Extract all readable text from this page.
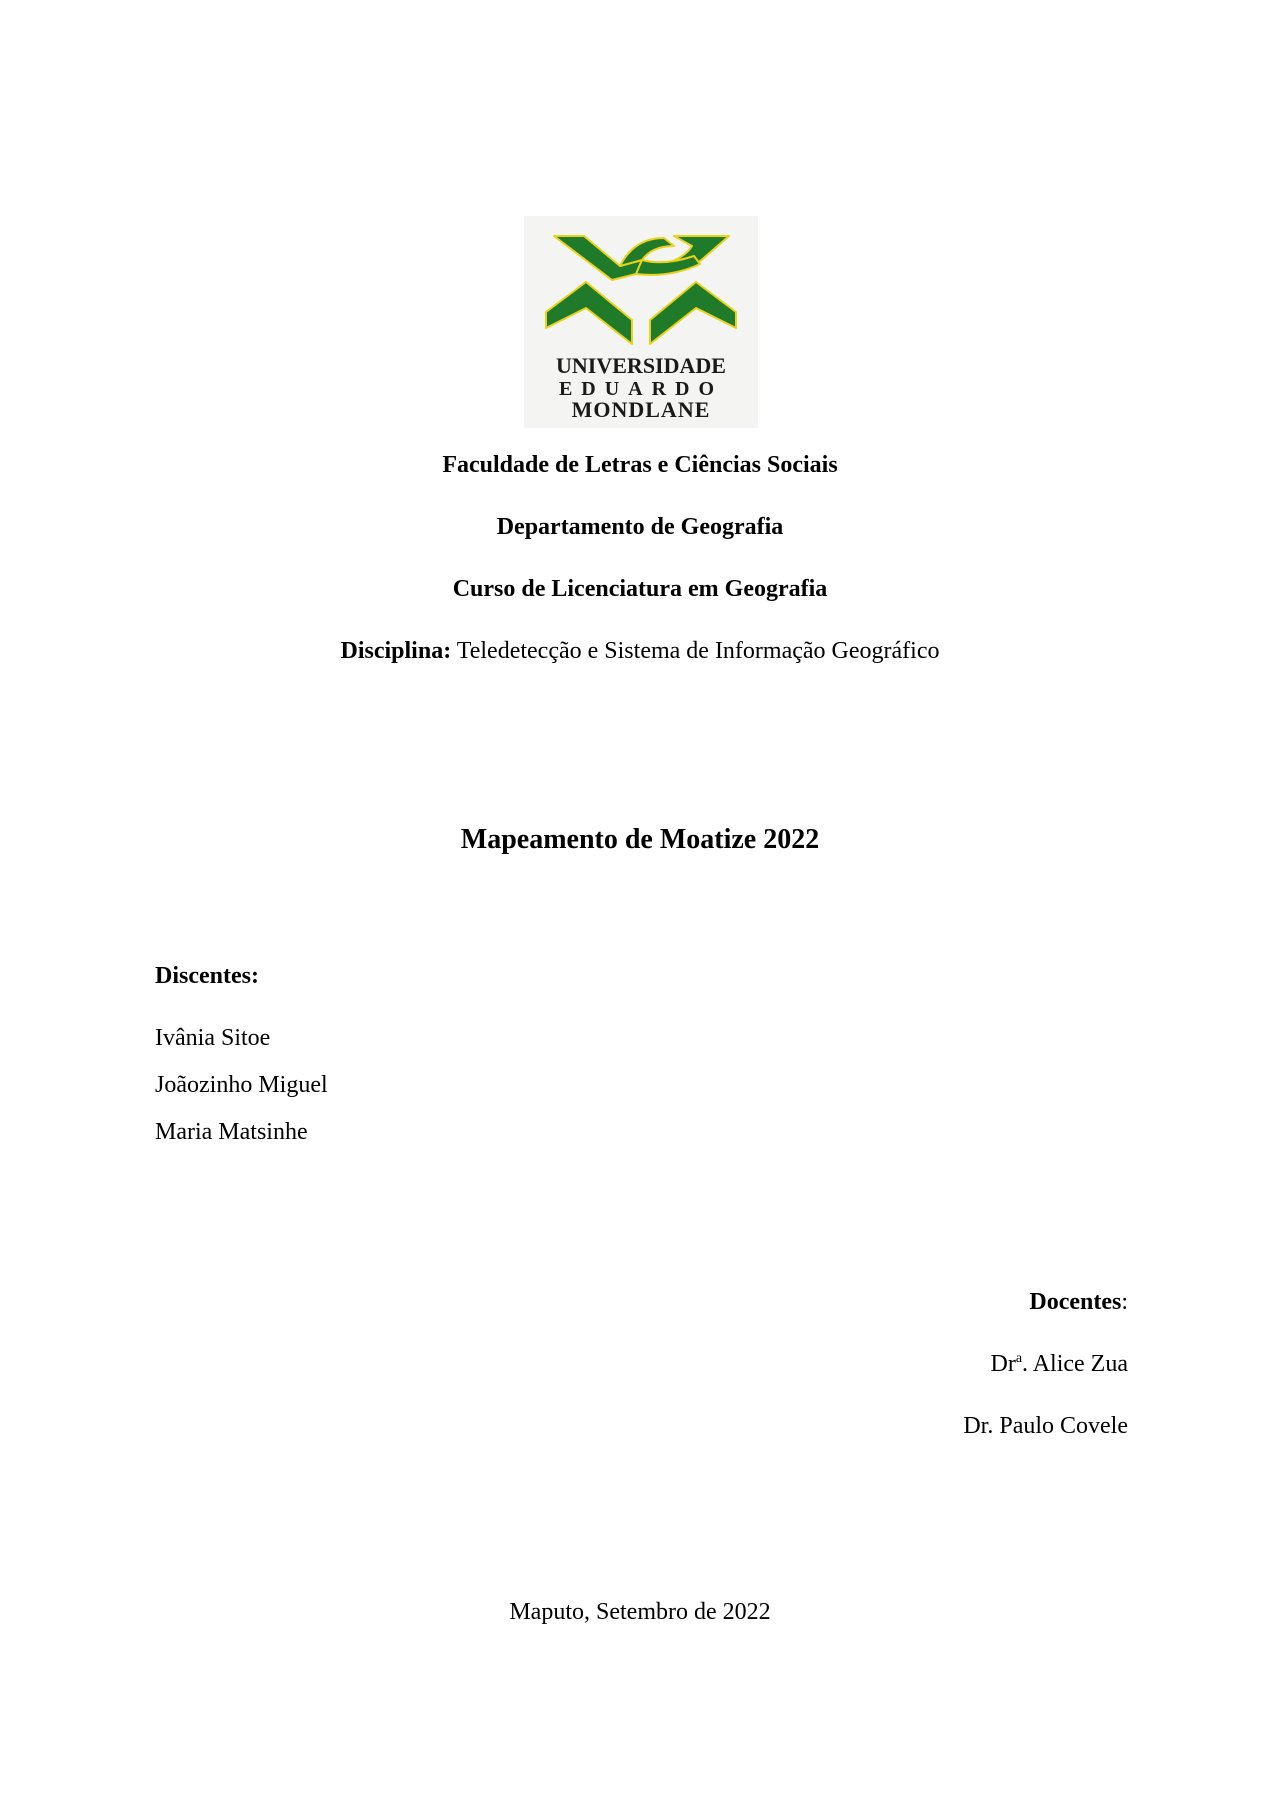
UNIVERSIDADE
EDUARDO
MONDLANE
Faculdade de Letras e Ciências Sociais
Departamento de Geografia
Curso de Licenciatura em Geografia
Disciplina: Teledetecção e Sistema de Informação Geográfico
Mapeamento de Moatize 2022
Discentes:
Ivânia Sitoe
Joãozinho Miguel
Maria Matsinhe
Docentes:
Dr$^a$. Alice Zua
Dr. Paulo Covele
Maputo, Setembro de 2022
